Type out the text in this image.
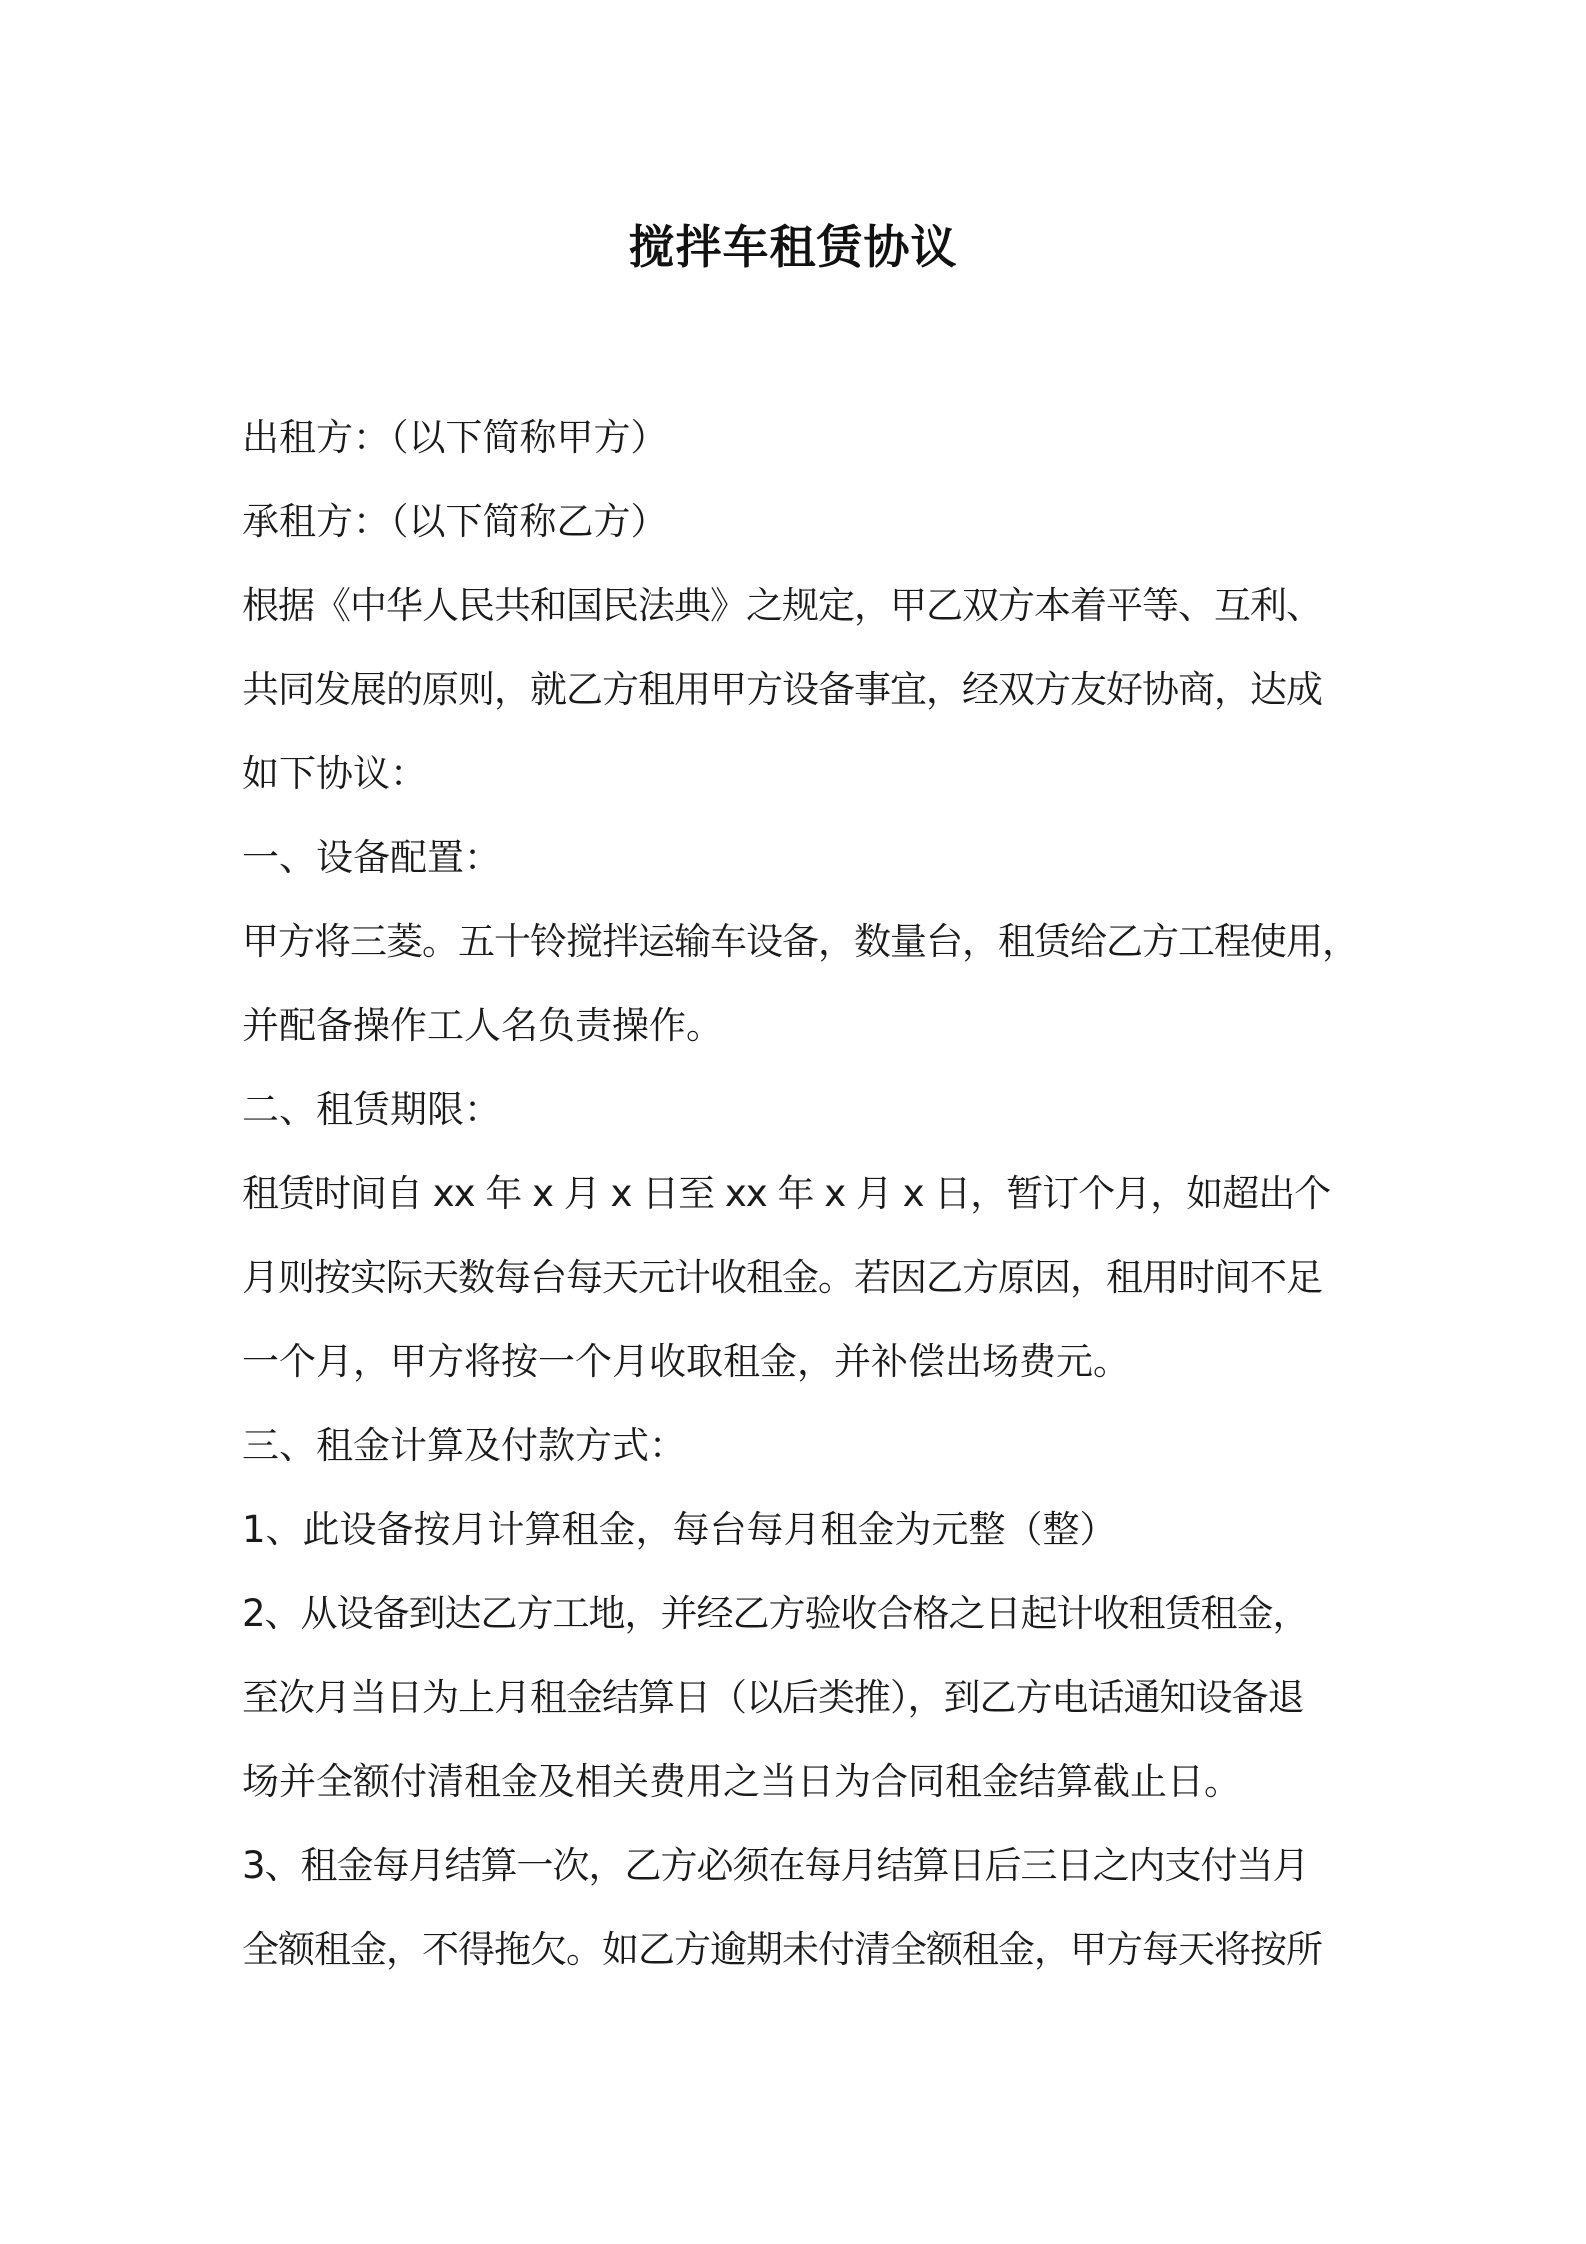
搅拌车租赁协议
出租方：（以下简称甲方）
承租方：（以下简称乙方）
根据《中华人民共和国民法典》之规定，甲乙双方本着平等、互利、
共同发展的原则，就乙方租用甲方设备事宜，经双方友好协商，达成
如下协议：
一、设备配置：
甲方将三菱。五十铃搅拌运输车设备，数量台，租赁给乙方工程使用，
并配备操作工人名负责操作。
二、租赁期限：
租赁时间自 xx 年 x 月 x 日至 xx 年 x 月 x 日，暂订个月，如超出个
月则按实际天数每台每天元计收租金。若因乙方原因，租用时间不足
一个月，甲方将按一个月收取租金，并补偿出场费元。
三、租金计算及付款方式：
1、此设备按月计算租金，每台每月租金为元整（整）
2、从设备到达乙方工地，并经乙方验收合格之日起计收租赁租金，
至次月当日为上月租金结算日（以后类推），到乙方电话通知设备退
场并全额付清租金及相关费用之当日为合同租金结算截止日。
3、租金每月结算一次，乙方必须在每月结算日后三日之内支付当月
全额租金，不得拖欠。如乙方逾期未付清全额租金，甲方每天将按所
